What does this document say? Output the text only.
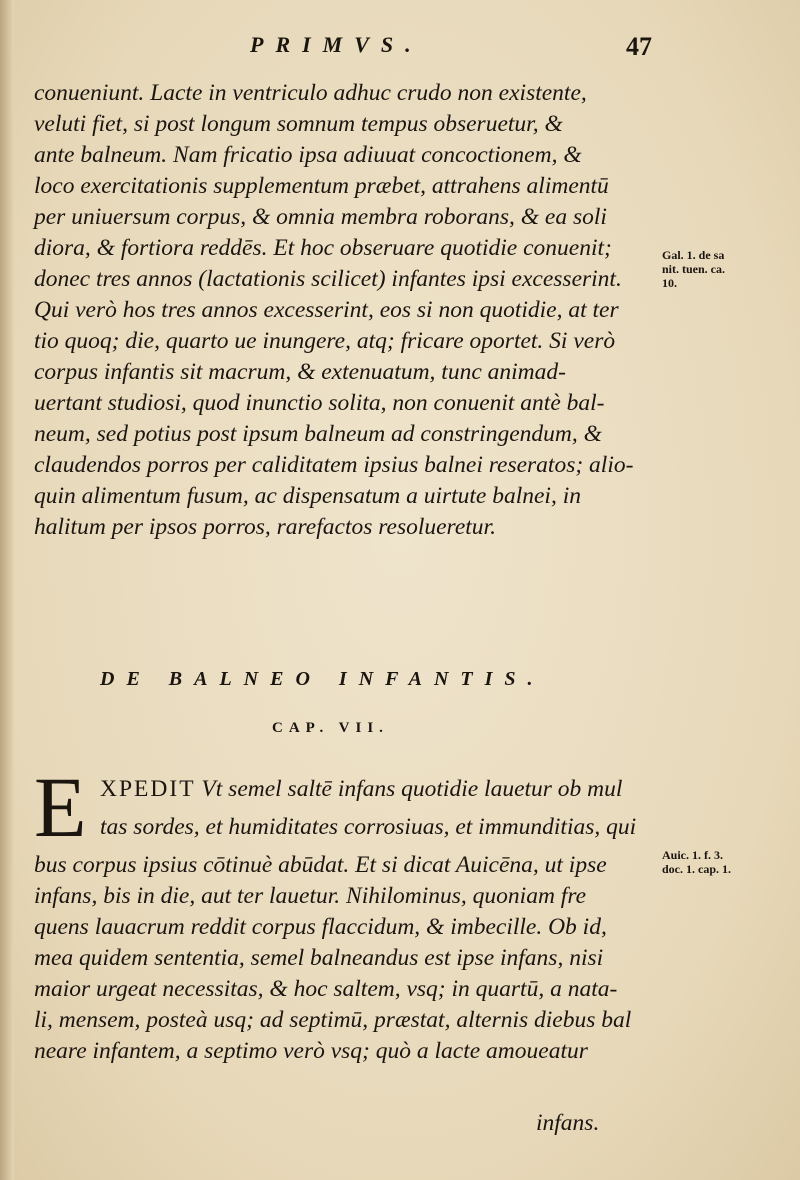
PRIMVS.	47
conueniunt. Lacte in ventriculo adhuc crudo non existente,
veluti fiet, si post longum somnum tempus obseruetur, &
ante balneum. Nam fricatio ipsa adiuuat concoctionem, &
loco exercitationis supplementum præbet, attrahens alimentū
per uniuersum corpus, & omnia membra roborans, & ea soli
diora, & fortiora reddēs. Et hoc obseruare quotidie conuenit;
donec tres annos (lactationis scilicet) infantes ipsi excesserint.
Qui verò hos tres annos excesserint, eos si non quotidie, at ter
tio quoq; die, quarto ue inungere, atq; fricare oportet. Si verò
corpus infantis sit macrum, & extenuatum, tunc animad-
uertant studiosi, quod inunctio solita, non conuenit antè bal-
neum, sed potius post ipsum balneum ad constringendum, &
claudendos porros per caliditatem ipsius balnei reseratos; alio-
quin alimentum fusum, ac dispensatum a uirtute balnei, in
halitum per ipsos porros, rarefactos resolueretur.
Gal. 1. de sa
nit. tuen. ca.
10.
DE BALNEO INFANTIS.
CAP. VII.
E XPEDIT Vt semel saltē infans quotidie lauetur ob mul
tas sordes, et humiditates corrosiuas, et immunditias, qui
bus corpus ipsius cōtinuè abūdat. Et si dicat Auicēna, ut ipse
infans, bis in die, aut ter lauetur. Nihilominus, quoniam fre
quens lauacrum reddit corpus flaccidum, & imbecille. Ob id,
mea quidem sententia, semel balneandus est ipse infans, nisi
maior urgeat necessitas, & hoc saltem, vsq; in quartū, a nata-
li, mensem, posteà usq; ad septimū, præstat, alternis diebus bal
neare infantem, a septimo verò vsq; quò a lacte amoueatur
Auic. 1. f. 3.
doc. 1. cap. 1.
infans.
